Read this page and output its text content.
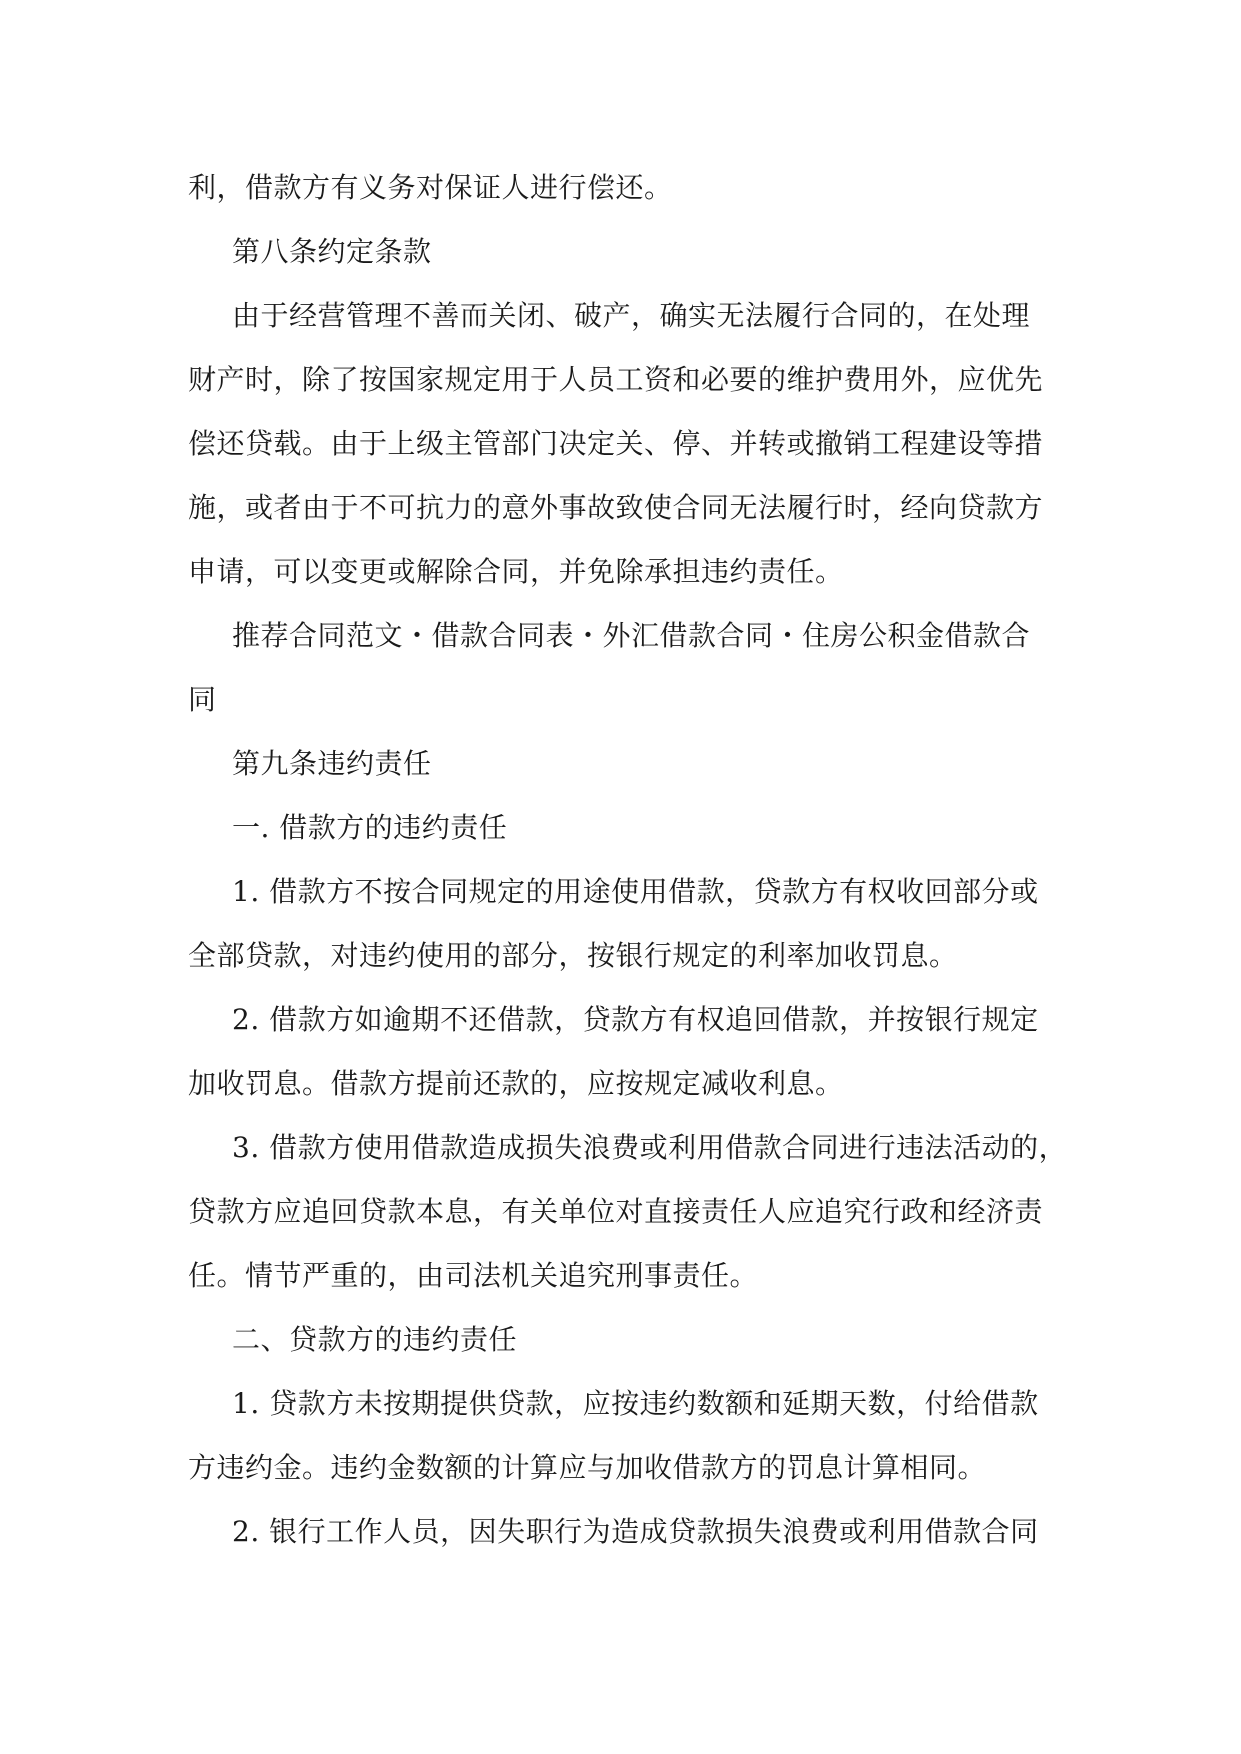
利，借款方有义务对保证人进行偿还。
第八条约定条款
由于经营管理不善而关闭、破产，确实无法履行合同的，在处理
财产时，除了按国家规定用于人员工资和必要的维护费用外，应优先
偿还贷载。由于上级主管部门决定关、停、并转或撤销工程建设等措
施，或者由于不可抗力的意外事故致使合同无法履行时，经向贷款方
申请，可以变更或解除合同，并免除承担违约责任。
推荐合同范文・借款合同表・外汇借款合同・住房公积金借款合
同
第九条违约责任
一. 借款方的违约责任
1. 借款方不按合同规定的用途使用借款，贷款方有权收回部分或
全部贷款，对违约使用的部分，按银行规定的利率加收罚息。
2. 借款方如逾期不还借款，贷款方有权追回借款，并按银行规定
加收罚息。借款方提前还款的，应按规定减收利息。
3. 借款方使用借款造成损失浪费或利用借款合同进行违法活动的，
贷款方应追回贷款本息，有关单位对直接责任人应追究行政和经济责
任。情节严重的，由司法机关追究刑事责任。
二、贷款方的违约责任
1. 贷款方未按期提供贷款，应按违约数额和延期天数，付给借款
方违约金。违约金数额的计算应与加收借款方的罚息计算相同。
2. 银行工作人员，因失职行为造成贷款损失浪费或利用借款合同
